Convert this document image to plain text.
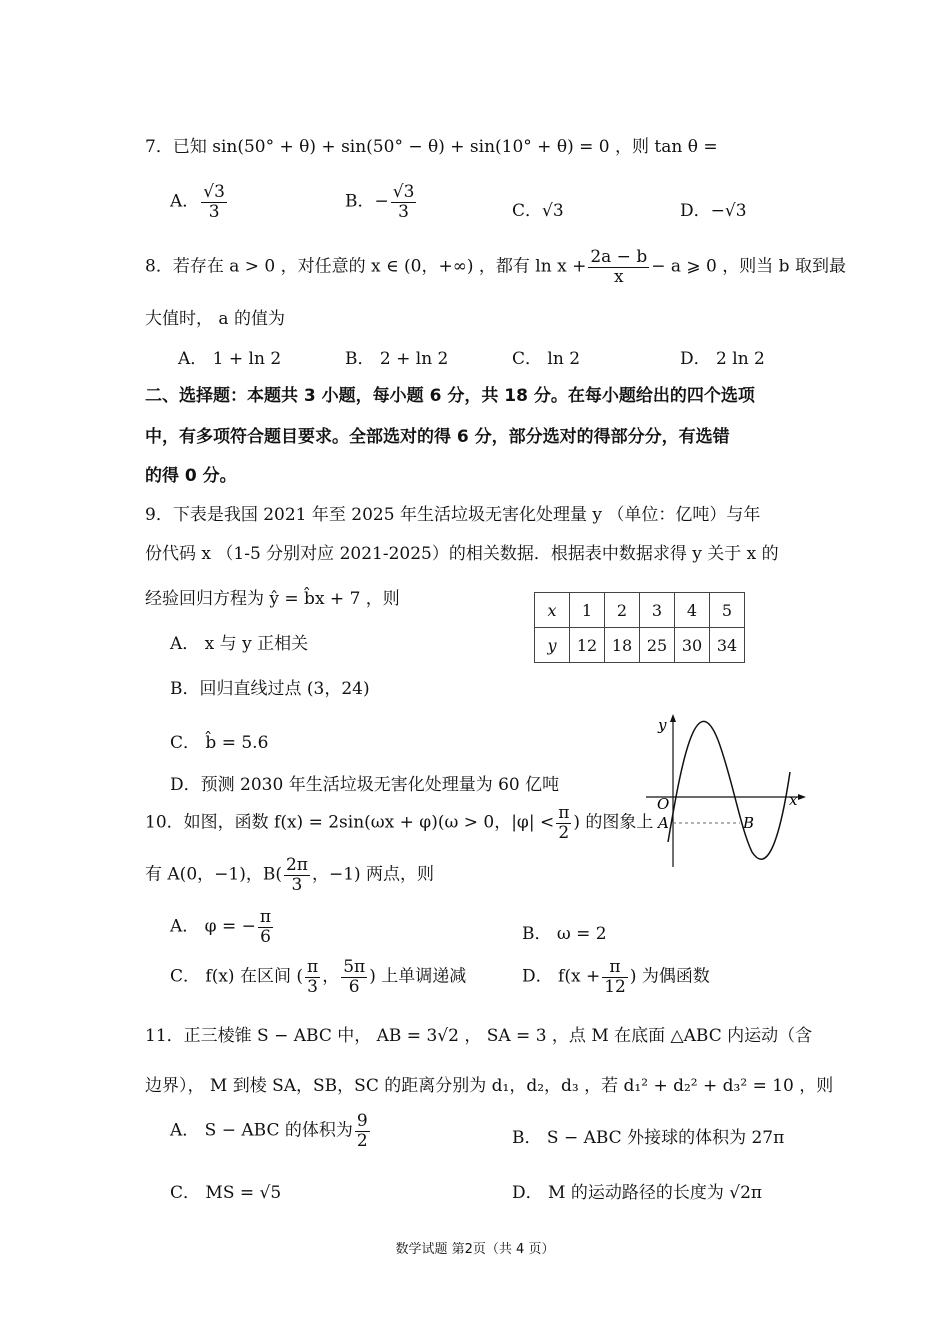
7．已知 sin(50° + θ) + sin(50° − θ) + sin(10° + θ) = 0 ，则 tan θ =
A． $\frac{√3}{3}$	B．− $\frac{√3}{3}$	C．√3	D．−√3
8．若存在 a > 0 ，对任意的 x ∈ (0，+∞) ，都有 $\ln x + \frac{2a - b}{x} - a$ ⩾ 0 ，则当 b 取到最
大值时， a 的值为
A． 1 + ln 2	B． 2 + ln 2	C． ln 2	D． 2 ln 2
二、选择题：本题共 3 小题，每小题 6 分，共 18 分。在每小题给出的四个选项
中，有多项符合题目要求。全部选对的得 6 分，部分选对的得部分分，有选错
的得 0 分。
9．下表是我国 2021 年至 2025 年生活垃圾无害化处理量 y （单位：亿吨）与年
份代码 x （1-5 分别对应 2021-2025）的相关数据．根据表中数据求得 y 关于 x 的
经验回归方程为 ŷ = b̂x + 7 ，则
x	1	2	3	4	5
y	12	18	25	30	34
A． x 与 y 正相关
B．回归直线过点 (3，24)
C． b̂ = 5.6
D．预测 2030 年生活垃圾无害化处理量为 60 亿吨
y
x
O
A	B
10．如图，函数 f(x) = 2sin(ωx + φ)(ω > 0，$|\varphi| < \frac{\pi}{2}$ ) 的图象上
有 A(0，−1)，$B( \frac{2\pi}{3}$ ，−1) 两点，则
A． φ = − $\frac{\pi}{6}$	B． ω = 2
C． f(x) 在区间 ( $\frac{\pi}{3}$ ， $\frac{5\pi}{6}$ ) 上单调递减	D． $f(x + \frac{\pi}{12}$ ) 为偶函数
11．正三棱锥 S − ABC 中， AB = 3√2 ， SA = 3 ，点 M 在底面 △ABC 内运动（含
边界）， M 到棱 SA，SB，SC 的距离分别为 d₁，d₂，d₃ ，若 d₁² + d₂² + d₃² = 10 ，则
A． S − ABC 的体积为 $\frac{9}{2}$	B． S − ABC 外接球的体积为 27π
C． MS = √5	D． M 的运动路径的长度为 √2π
数学试题 第2页（共 4 页）
